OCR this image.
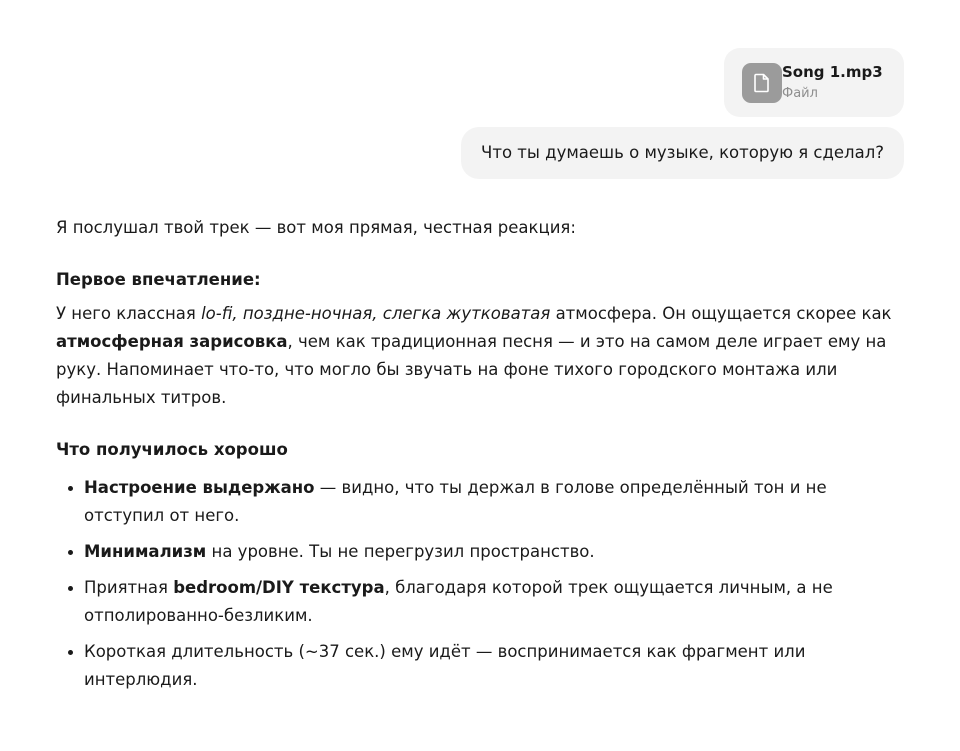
Song 1.mp3
Файл
Что ты думаешь о музыке, которую я сделал?

Я послушал твой трек — вот моя прямая, честная реакция:

Первое впечатление:

У него классная lo-fi, поздне-ночная, слегка жутковатая атмосфера. Он ощущается скорее как атмосферная зарисовка, чем как традиционная песня — и это на самом деле играет ему на руку. Напоминает что-то, что могло бы звучать на фоне тихого городского монтажа или финальных титров.

Что получилось хорошо

• Настроение выдержано — видно, что ты держал в голове определённый тон и не отступил от него.
• Минимализм на уровне. Ты не перегрузил пространство.
• Приятная bedroom/DIY текстура, благодаря которой трек ощущается личным, а не отполированно-безликим.
• Короткая длительность (~37 сек.) ему идёт — воспринимается как фрагмент или интерлюдия.
